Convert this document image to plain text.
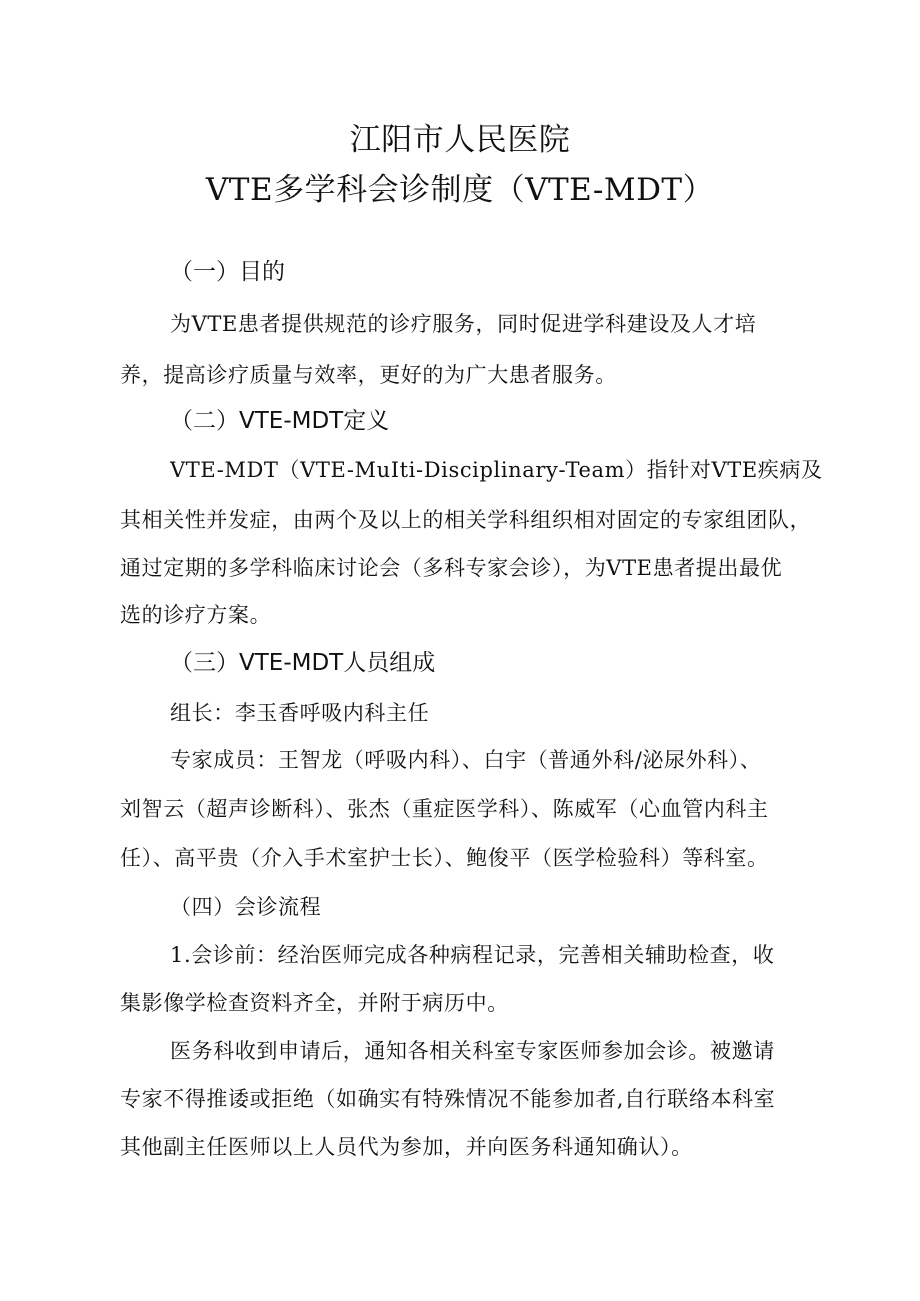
江阳市人民医院
VTE多学科会诊制度（VTE-MDT）
（一）目的
为VTE患者提供规范的诊疗服务，同时促进学科建设及人才培
养，提高诊疗质量与效率，更好的为广大患者服务。
（二）VTE-MDT定义
VTE-MDT（VTE-MuIti-Disciplinary-Team）指针对VTE疾病及
其相关性并发症，由两个及以上的相关学科组织相对固定的专家组团队，
通过定期的多学科临床讨论会（多科专家会诊），为VTE患者提出最优
选的诊疗方案。
（三）VTE-MDT人员组成
组长：李玉香呼吸内科主任
专家成员：王智龙（呼吸内科）、白宇（普通外科/泌尿外科）、
刘智云（超声诊断科）、张杰（重症医学科）、陈威军（心血管内科主
任）、高平贵（介入手术室护士长）、鲍俊平（医学检验科）等科室。
（四）会诊流程
1.会诊前：经治医师完成各种病程记录，完善相关辅助检查，收
集影像学检查资料齐全，并附于病历中。
医务科收到申请后，通知各相关科室专家医师参加会诊。被邀请
专家不得推诿或拒绝（如确实有特殊情况不能参加者,自行联络本科室
其他副主任医师以上人员代为参加，并向医务科通知确认）。
